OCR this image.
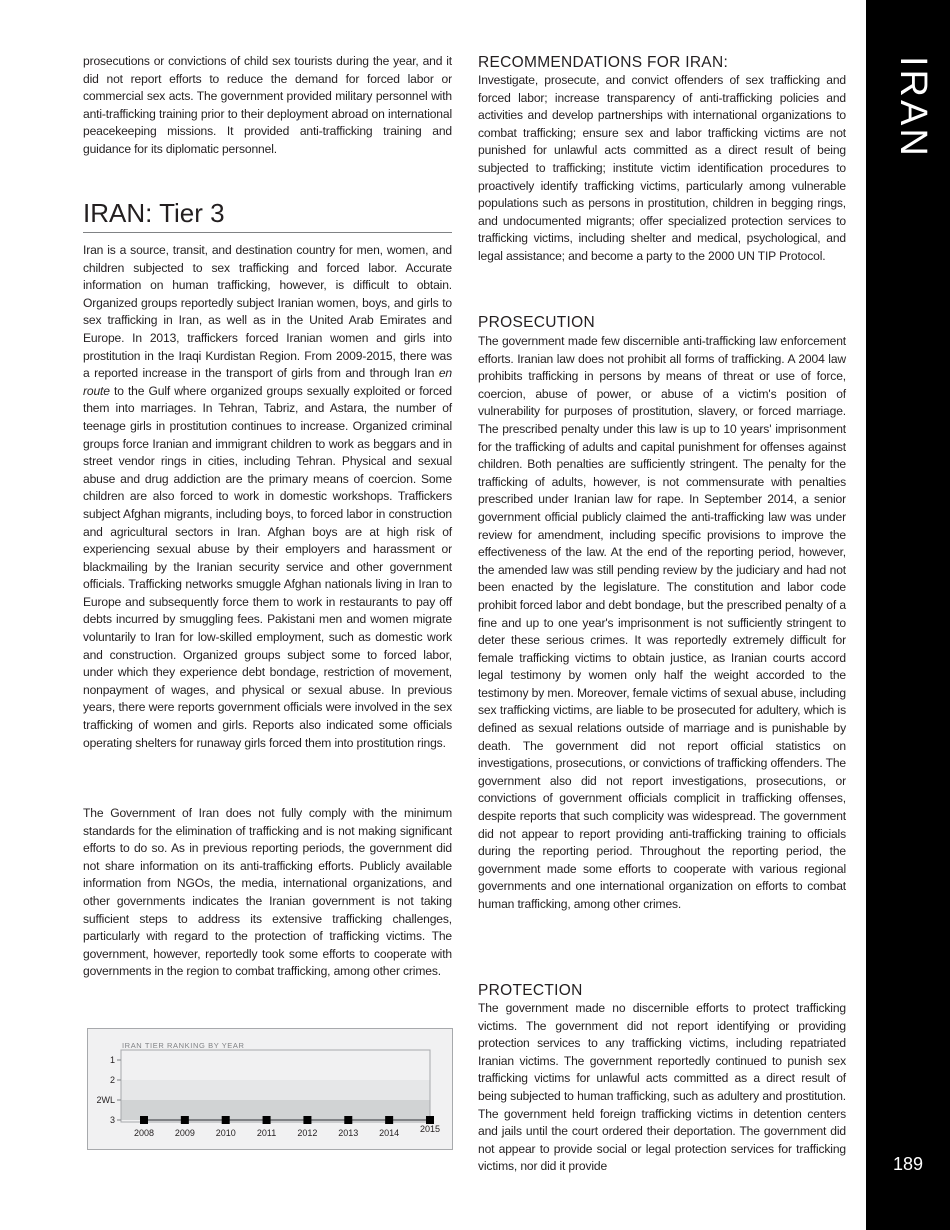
IRAN
189

prosecutions or convictions of child sex tourists during the year, and it did not report efforts to reduce the demand for forced labor or commercial sex acts. The government provided military personnel with anti-trafficking training prior to their deployment abroad on international peacekeeping missions. It provided anti-trafficking training and guidance for its diplomatic personnel.

IRAN: Tier 3

Iran is a source, transit, and destination country for men, women, and children subjected to sex trafficking and forced labor. Accurate information on human trafficking, however, is difficult to obtain. Organized groups reportedly subject Iranian women, boys, and girls to sex trafficking in Iran, as well as in the United Arab Emirates and Europe. In 2013, traffickers forced Iranian women and girls into prostitution in the Iraqi Kurdistan Region. From 2009-2015, there was a reported increase in the transport of girls from and through Iran en route to the Gulf where organized groups sexually exploited or forced them into marriages. In Tehran, Tabriz, and Astara, the number of teenage girls in prostitution continues to increase. Organized criminal groups force Iranian and immigrant children to work as beggars and in street vendor rings in cities, including Tehran. Physical and sexual abuse and drug addiction are the primary means of coercion. Some children are also forced to work in domestic workshops. Traffickers subject Afghan migrants, including boys, to forced labor in construction and agricultural sectors in Iran. Afghan boys are at high risk of experiencing sexual abuse by their employers and harassment or blackmailing by the Iranian security service and other government officials. Trafficking networks smuggle Afghan nationals living in Iran to Europe and subsequently force them to work in restaurants to pay off debts incurred by smuggling fees. Pakistani men and women migrate voluntarily to Iran for low-skilled employment, such as domestic work and construction. Organized groups subject some to forced labor, under which they experience debt bondage, restriction of movement, nonpayment of wages, and physical or sexual abuse. In previous years, there were reports government officials were involved in the sex trafficking of women and girls. Reports also indicated some officials operating shelters for runaway girls forced them into prostitution rings.

The Government of Iran does not fully comply with the minimum standards for the elimination of trafficking and is not making significant efforts to do so. As in previous reporting periods, the government did not share information on its anti-trafficking efforts. Publicly available information from NGOs, the media, international organizations, and other governments indicates the Iranian government is not taking sufficient steps to address its extensive trafficking challenges, particularly with regard to the protection of trafficking victims. The government, however, reportedly took some efforts to cooperate with governments in the region to combat trafficking, among other crimes.

IRAN TIER RANKING BY YEAR
1
2
2WL
3
2008 2009 2010 2011 2012 2013 2014 2015
RECOMMENDATIONS FOR IRAN:

Investigate, prosecute, and convict offenders of sex trafficking and forced labor; increase transparency of anti-trafficking policies and activities and develop partnerships with international organizations to combat trafficking; ensure sex and labor trafficking victims are not punished for unlawful acts committed as a direct result of being subjected to trafficking; institute victim identification procedures to proactively identify trafficking victims, particularly among vulnerable populations such as persons in prostitution, children in begging rings, and undocumented migrants; offer specialized protection services to trafficking victims, including shelter and medical, psychological, and legal assistance; and become a party to the 2000 UN TIP Protocol.

PROSECUTION

The government made few discernible anti-trafficking law enforcement efforts. Iranian law does not prohibit all forms of trafficking. A 2004 law prohibits trafficking in persons by means of threat or use of force, coercion, abuse of power, or abuse of a victim's position of vulnerability for purposes of prostitution, slavery, or forced marriage. The prescribed penalty under this law is up to 10 years' imprisonment for the trafficking of adults and capital punishment for offenses against children. Both penalties are sufficiently stringent. The penalty for the trafficking of adults, however, is not commensurate with penalties prescribed under Iranian law for rape. In September 2014, a senior government official publicly claimed the anti-trafficking law was under review for amendment, including specific provisions to improve the effectiveness of the law. At the end of the reporting period, however, the amended law was still pending review by the judiciary and had not been enacted by the legislature. The constitution and labor code prohibit forced labor and debt bondage, but the prescribed penalty of a fine and up to one year's imprisonment is not sufficiently stringent to deter these serious crimes. It was reportedly extremely difficult for female trafficking victims to obtain justice, as Iranian courts accord legal testimony by women only half the weight accorded to the testimony by men. Moreover, female victims of sexual abuse, including sex trafficking victims, are liable to be prosecuted for adultery, which is defined as sexual relations outside of marriage and is punishable by death. The government did not report official statistics on investigations, prosecutions, or convictions of trafficking offenders. The government also did not report investigations, prosecutions, or convictions of government officials complicit in trafficking offenses, despite reports that such complicity was widespread. The government did not appear to report providing anti-trafficking training to officials during the reporting period. Throughout the reporting period, the government made some efforts to cooperate with various regional governments and one international organization on efforts to combat human trafficking, among other crimes.

PROTECTION

The government made no discernible efforts to protect trafficking victims. The government did not report identifying or providing protection services to any trafficking victims, including repatriated Iranian victims. The government reportedly continued to punish sex trafficking victims for unlawful acts committed as a direct result of being subjected to human trafficking, such as adultery and prostitution. The government held foreign trafficking victims in detention centers and jails until the court ordered their deportation. The government did not appear to provide social or legal protection services for trafficking victims, nor did it provide
